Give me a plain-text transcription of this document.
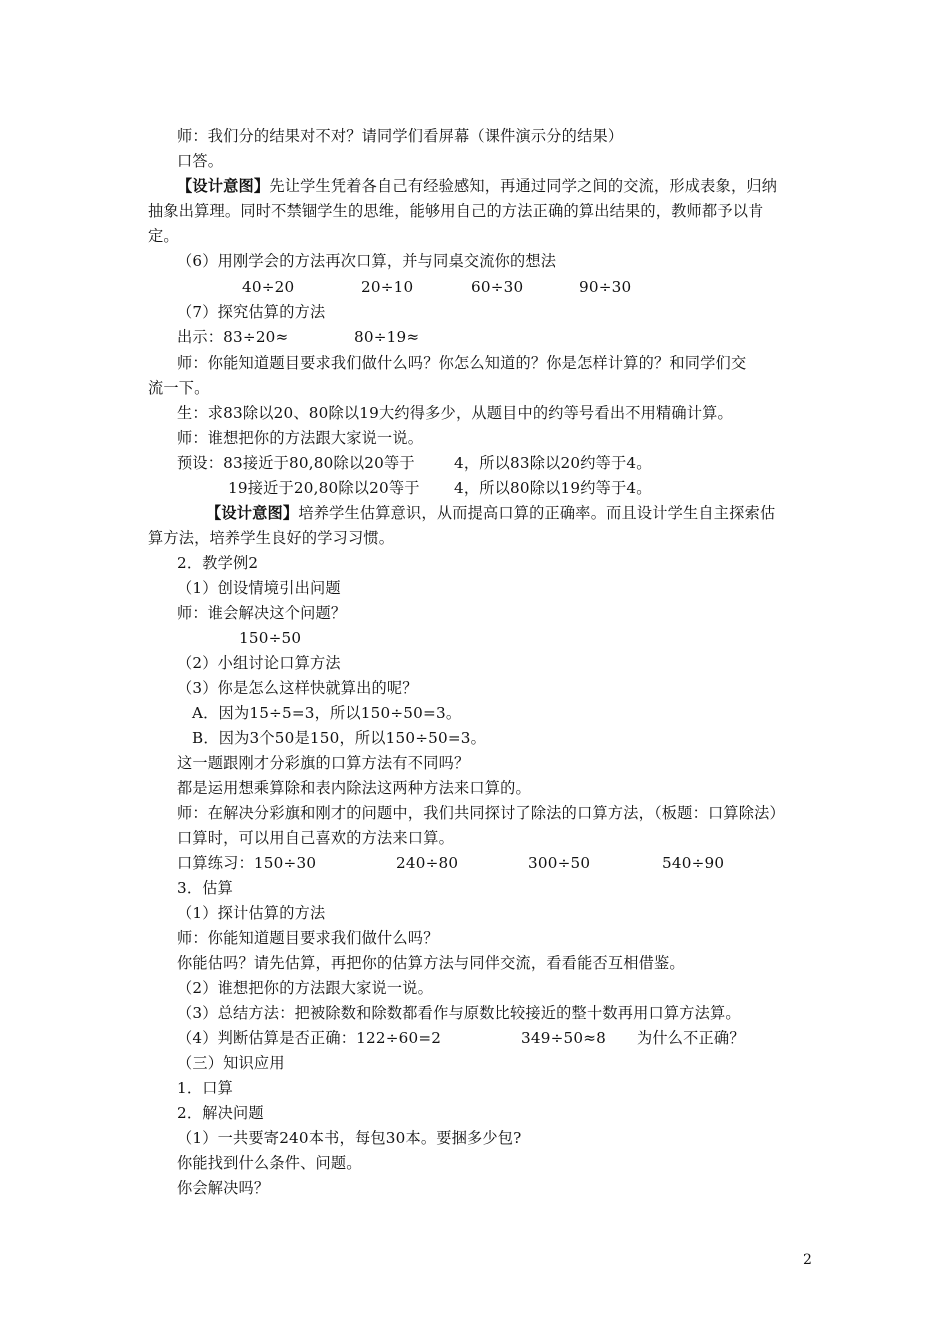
师：我们分的结果对不对？请同学们看屏幕（课件演示分的结果）
口答。
【设计意图】先让学生凭着各自己有经验感知，再通过同学之间的交流，形成表象，归纳
抽象出算理。同时不禁锢学生的思维，能够用自己的方法正确的算出结果的，教师都予以肯
定。
（6）用刚学会的方法再次口算，并与同桌交流你的想法
40÷20	20÷10	60÷30	90÷30
（7）探究估算的方法
出示：83÷20≈	80÷19≈
师：你能知道题目要求我们做什么吗？你怎么知道的？你是怎样计算的？和同学们交
流一下。
生：求83除以20、80除以19大约得多少，从题目中的约等号看出不用精确计算。
师：谁想把你的方法跟大家说一说。
预设：83接近于80,80除以20等于	4，所以83除以20约等于4。
19接近于20,80除以20等于 4，所以80除以19约等于4。
【设计意图】培养学生估算意识，从而提高口算的正确率。而且设计学生自主探索估
算方法，培养学生良好的学习习惯。
2．教学例2
（1）创设情境引出问题
师：谁会解决这个问题？
150÷50
（2）小组讨论口算方法
（3）你是怎么这样快就算出的呢？
A．因为15÷5=3，所以150÷50=3。
B．因为3个50是150，所以150÷50=3。
这一题跟刚才分彩旗的口算方法有不同吗？
都是运用想乘算除和表内除法这两种方法来口算的。
师：在解决分彩旗和刚才的问题中，我们共同探讨了除法的口算方法，（板题：口算除法）
口算时，可以用自己喜欢的方法来口算。
口算练习：150÷30	240÷80	300÷50	540÷90
3．估算
（1）探计估算的方法
师：你能知道题目要求我们做什么吗？
你能估吗？请先估算，再把你的估算方法与同伴交流，看看能否互相借鉴。
（2）谁想把你的方法跟大家说一说。
（3）总结方法：把被除数和除数都看作与原数比较接近的整十数再用口算方法算。
（4）判断估算是否正确：122÷60=2	349÷50≈8 为什么不正确？
（三）知识应用
1．口算
2．解决问题
（1）一共要寄240本书，每包30本。要捆多少包?
你能找到什么条件、问题。
你会解决吗？
2
